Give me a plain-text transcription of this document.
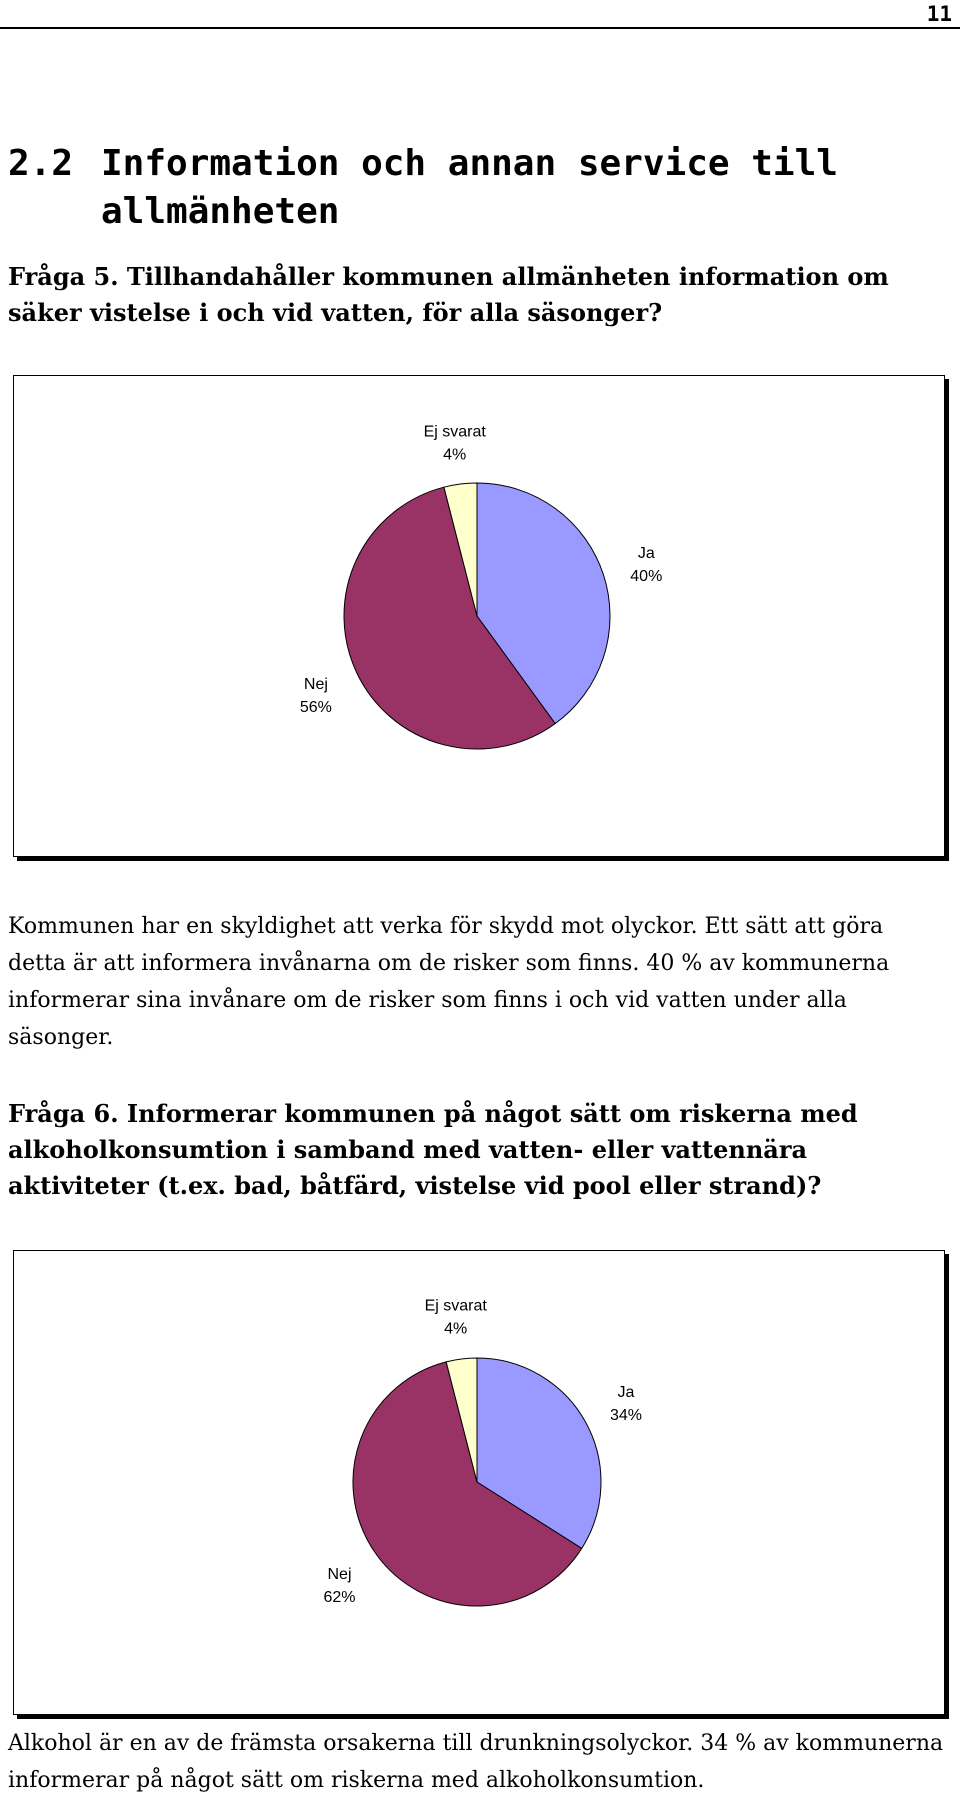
11
2.2 Information och annan service till allmänheten
Fråga 5. Tillhandahåller kommunen allmänheten information om säker vistelse i och vid vatten, för alla säsonger?
Ja
40%
Nej
56%
Ej svarat
4%
Kommunen har en skyldighet att verka för skydd mot olyckor. Ett sätt att göra detta är att informera invånarna om de risker som finns. 40 % av kommunerna informerar sina invånare om de risker som finns i och vid vatten under alla säsonger.
Fråga 6. Informerar kommunen på något sätt om riskerna med alkoholkonsumtion i samband med vatten- eller vattennära aktiviteter (t.ex. bad, båtfärd, vistelse vid pool eller strand)?
Ja
34%
Nej
62%
Ej svarat
4%
Alkohol är en av de främsta orsakerna till drunkningsolyckor. 34 % av kommunerna informerar på något sätt om riskerna med alkoholkonsumtion.
